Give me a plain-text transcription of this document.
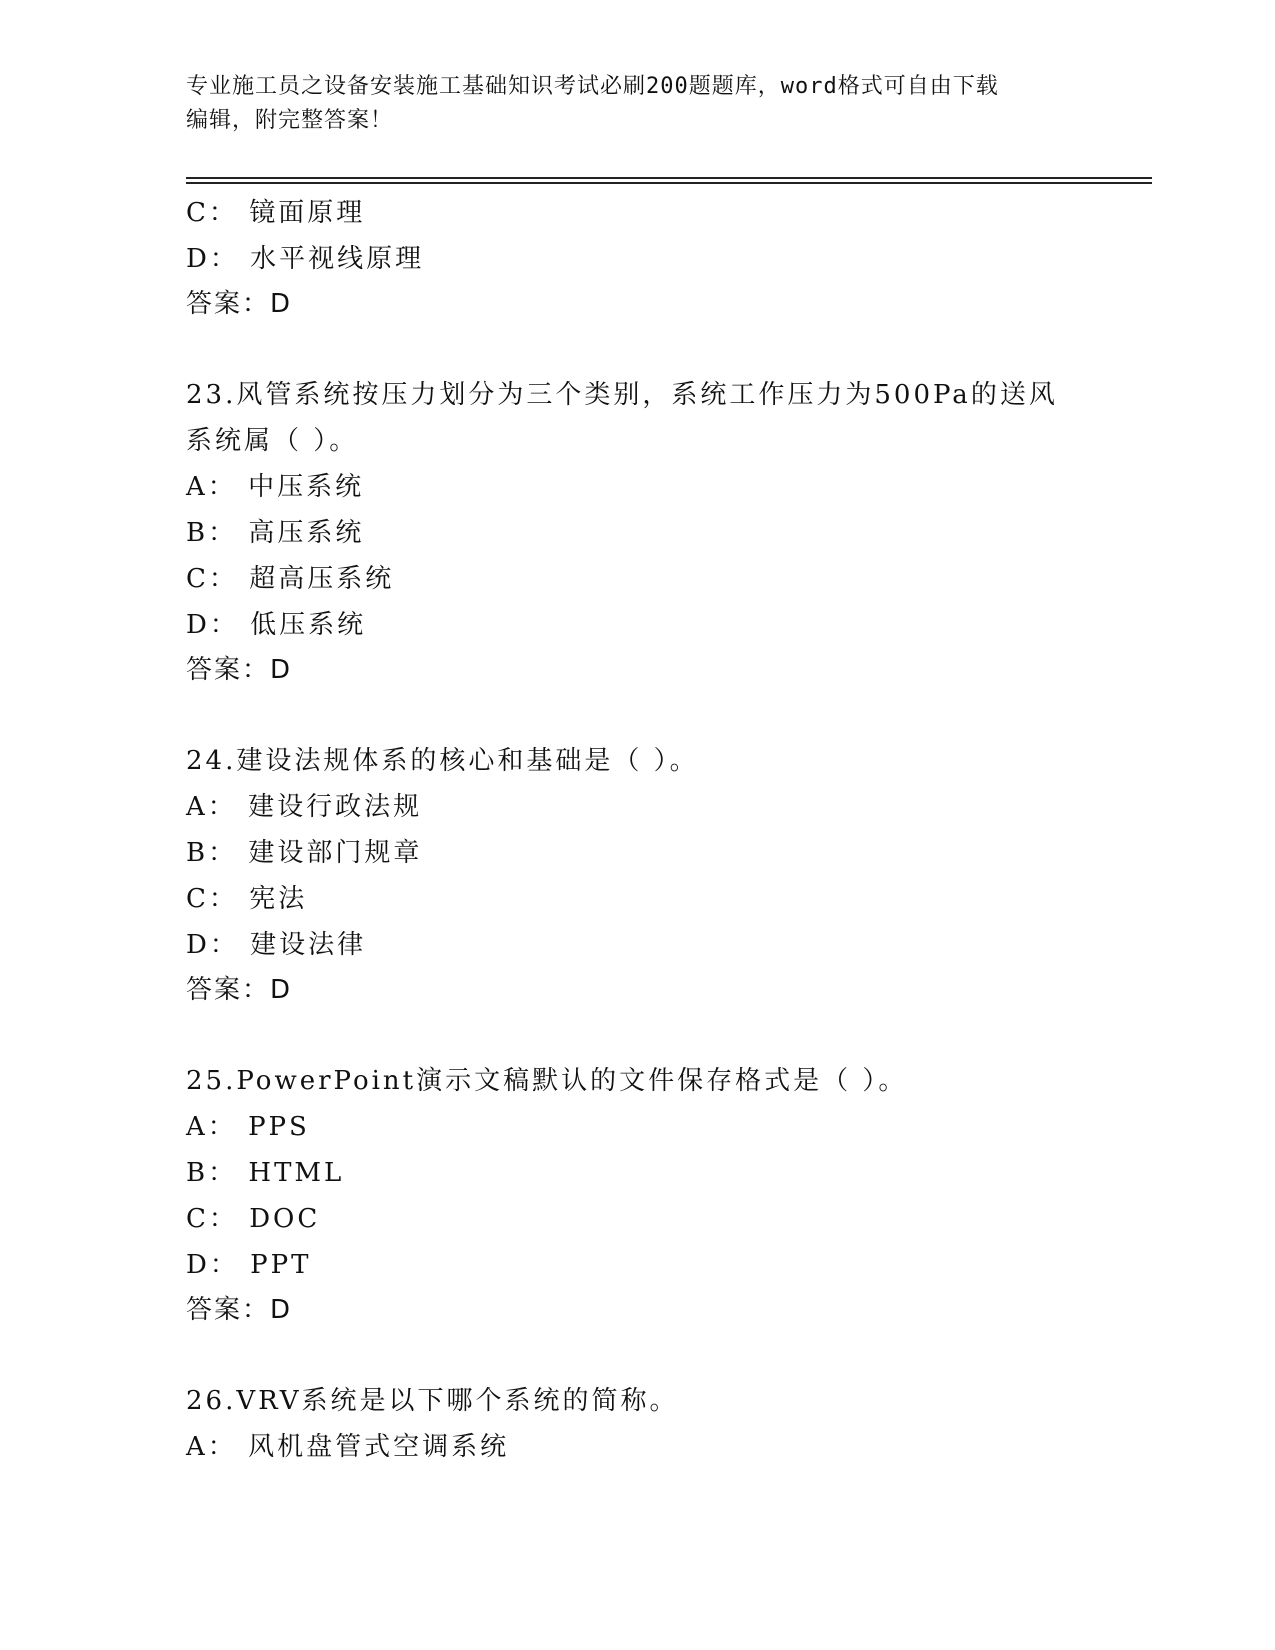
专业施工员之设备安装施工基础知识考试必刷200题题库，word格式可自由下载
编辑，附完整答案！
C： 镜面原理
D： 水平视线原理
答案：D
23.风管系统按压力划分为三个类别，系统工作压力为500Pa的送风系统属（ ）。
A： 中压系统
B： 高压系统
C： 超高压系统
D： 低压系统
答案：D
24.建设法规体系的核心和基础是（ ）。
A： 建设行政法规
B： 建设部门规章
C： 宪法
D： 建设法律
答案：D
25.PowerPoint演示文稿默认的文件保存格式是（ ）。
A： PPS
B： HTML
C： DOC
D： PPT
答案：D
26.VRV系统是以下哪个系统的简称。
A： 风机盘管式空调系统
